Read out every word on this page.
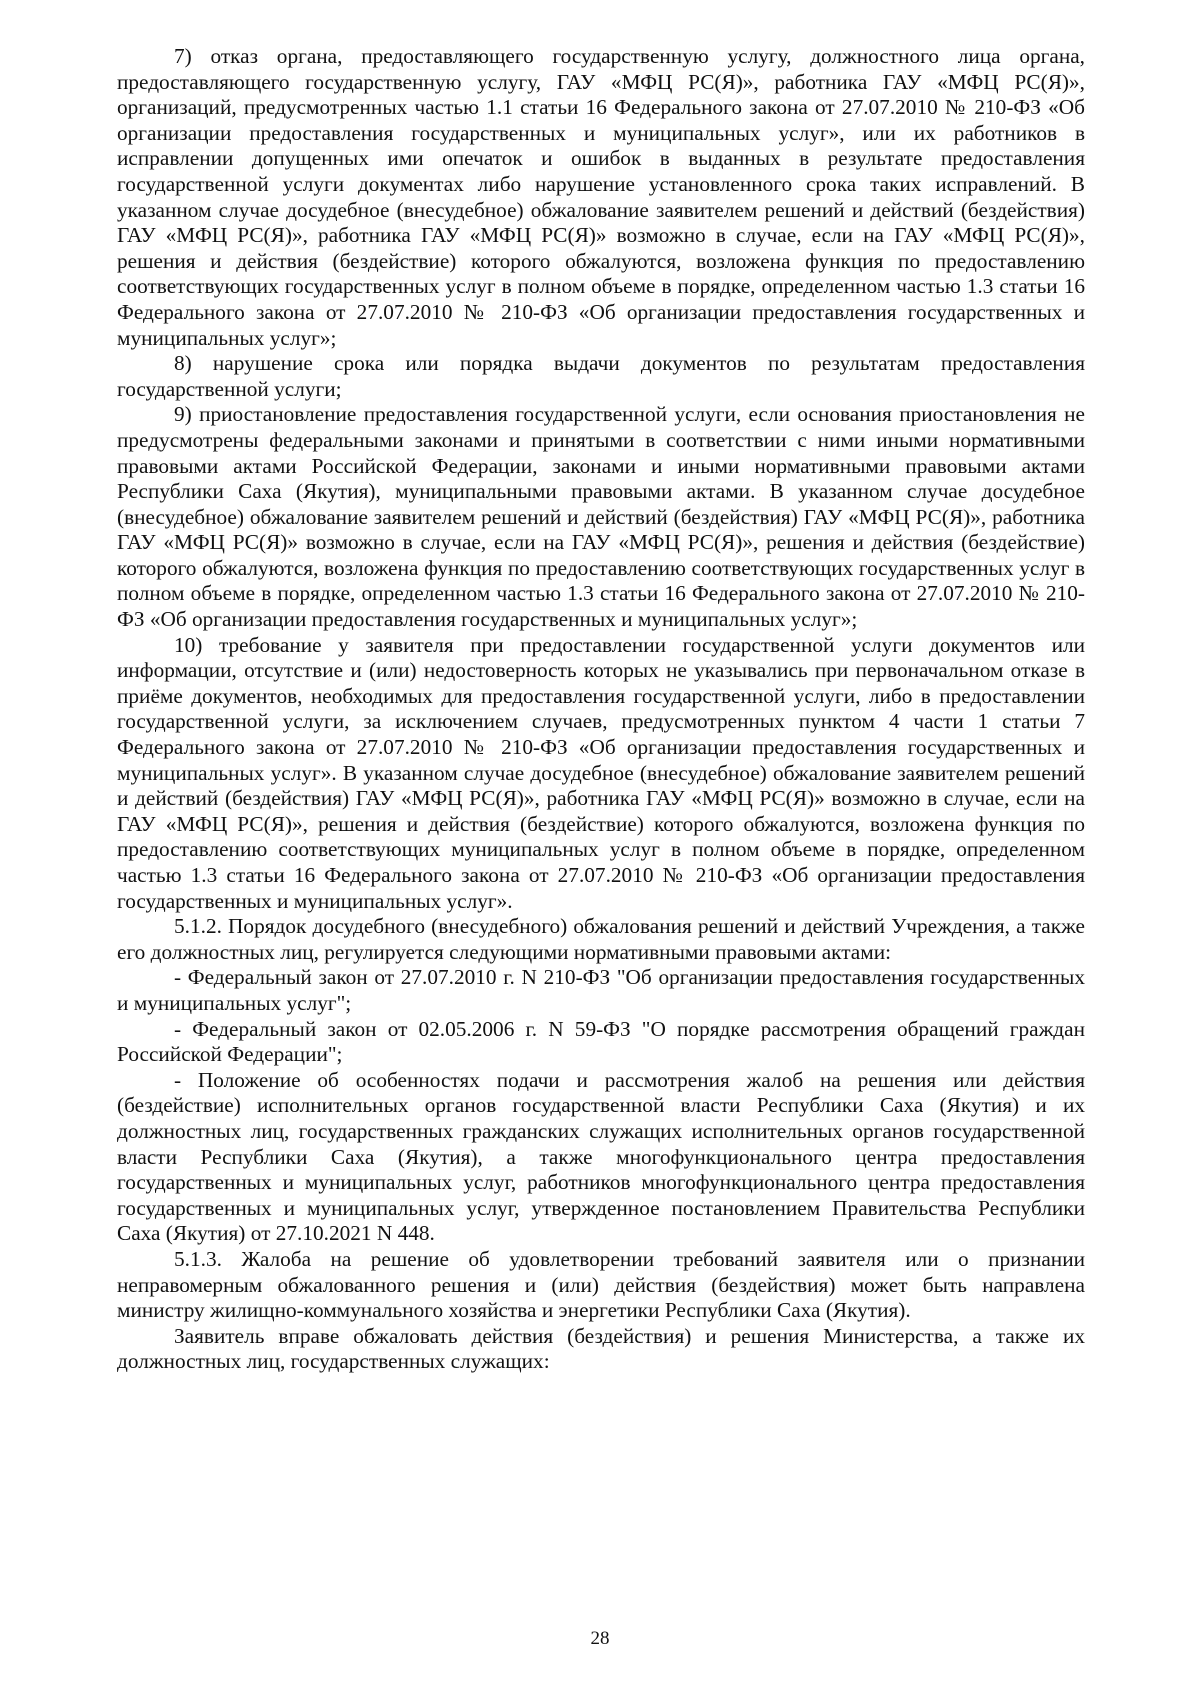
7) отказ органа, предоставляющего государственную услугу, должностного лица органа, предоставляющего государственную услугу, ГАУ «МФЦ РС(Я)», работника ГАУ «МФЦ РС(Я)», организаций, предусмотренных частью 1.1 статьи 16 Федерального закона от 27.07.2010 № 210-ФЗ «Об организации предоставления государственных и муниципальных услуг», или их работников в исправлении допущенных ими опечаток и ошибок в выданных в результате предоставления государственной услуги документах либо нарушение установленного срока таких исправлений. В указанном случае досудебное (внесудебное) обжалование заявителем решений и действий (бездействия) ГАУ «МФЦ РС(Я)», работника ГАУ «МФЦ РС(Я)» возможно в случае, если на ГАУ «МФЦ РС(Я)», решения и действия (бездействие) которого обжалуются, возложена функция по предоставлению соответствующих государственных услуг в полном объеме в порядке, определенном частью 1.3 статьи 16 Федерального закона от 27.07.2010 № 210-ФЗ «Об организации предоставления государственных и муниципальных услуг»;

8) нарушение срока или порядка выдачи документов по результатам предоставления государственной услуги;

9) приостановление предоставления государственной услуги, если основания приостановления не предусмотрены федеральными законами и принятыми в соответствии с ними иными нормативными правовыми актами Российской Федерации, законами и иными нормативными правовыми актами Республики Саха (Якутия), муниципальными правовыми актами. В указанном случае досудебное (внесудебное) обжалование заявителем решений и действий (бездействия) ГАУ «МФЦ РС(Я)», работника ГАУ «МФЦ РС(Я)» возможно в случае, если на ГАУ «МФЦ РС(Я)», решения и действия (бездействие) которого обжалуются, возложена функция по предоставлению соответствующих государственных услуг в полном объеме в порядке, определенном частью 1.3 статьи 16 Федерального закона от 27.07.2010 № 210-ФЗ «Об организации предоставления государственных и муниципальных услуг»;

10) требование у заявителя при предоставлении государственной услуги документов или информации, отсутствие и (или) недостоверность которых не указывались при первоначальном отказе в приёме документов, необходимых для предоставления государственной услуги, либо в предоставлении государственной услуги, за исключением случаев, предусмотренных пунктом 4 части 1 статьи 7 Федерального закона от 27.07.2010 № 210-ФЗ «Об организации предоставления государственных и муниципальных услуг». В указанном случае досудебное (внесудебное) обжалование заявителем решений и действий (бездействия) ГАУ «МФЦ РС(Я)», работника ГАУ «МФЦ РС(Я)» возможно в случае, если на ГАУ «МФЦ РС(Я)», решения и действия (бездействие) которого обжалуются, возложена функция по предоставлению соответствующих муниципальных услуг в полном объеме в порядке, определенном частью 1.3 статьи 16 Федерального закона от 27.07.2010 № 210-ФЗ «Об организации предоставления государственных и муниципальных услуг».

5.1.2. Порядок досудебного (внесудебного) обжалования решений и действий Учреждения, а также его должностных лиц, регулируется следующими нормативными правовыми актами:

- Федеральный закон от 27.07.2010 г. N 210-ФЗ "Об организации предоставления государственных и муниципальных услуг";

- Федеральный закон от 02.05.2006 г. N 59-ФЗ "О порядке рассмотрения обращений граждан Российской Федерации";

- Положение об особенностях подачи и рассмотрения жалоб на решения или действия (бездействие) исполнительных органов государственной власти Республики Саха (Якутия) и их должностных лиц, государственных гражданских служащих исполнительных органов государственной власти Республики Саха (Якутия), а также многофункционального центра предоставления государственных и муниципальных услуг, работников многофункционального центра предоставления государственных и муниципальных услуг, утвержденное постановлением Правительства Республики Саха (Якутия) от 27.10.2021 N 448.

5.1.3. Жалоба на решение об удовлетворении требований заявителя или о признании неправомерным обжалованного решения и (или) действия (бездействия) может быть направлена министру жилищно-коммунального хозяйства и энергетики Республики Саха (Якутия).

Заявитель вправе обжаловать действия (бездействия) и решения Министерства, а также их должностных лиц, государственных служащих:

28
